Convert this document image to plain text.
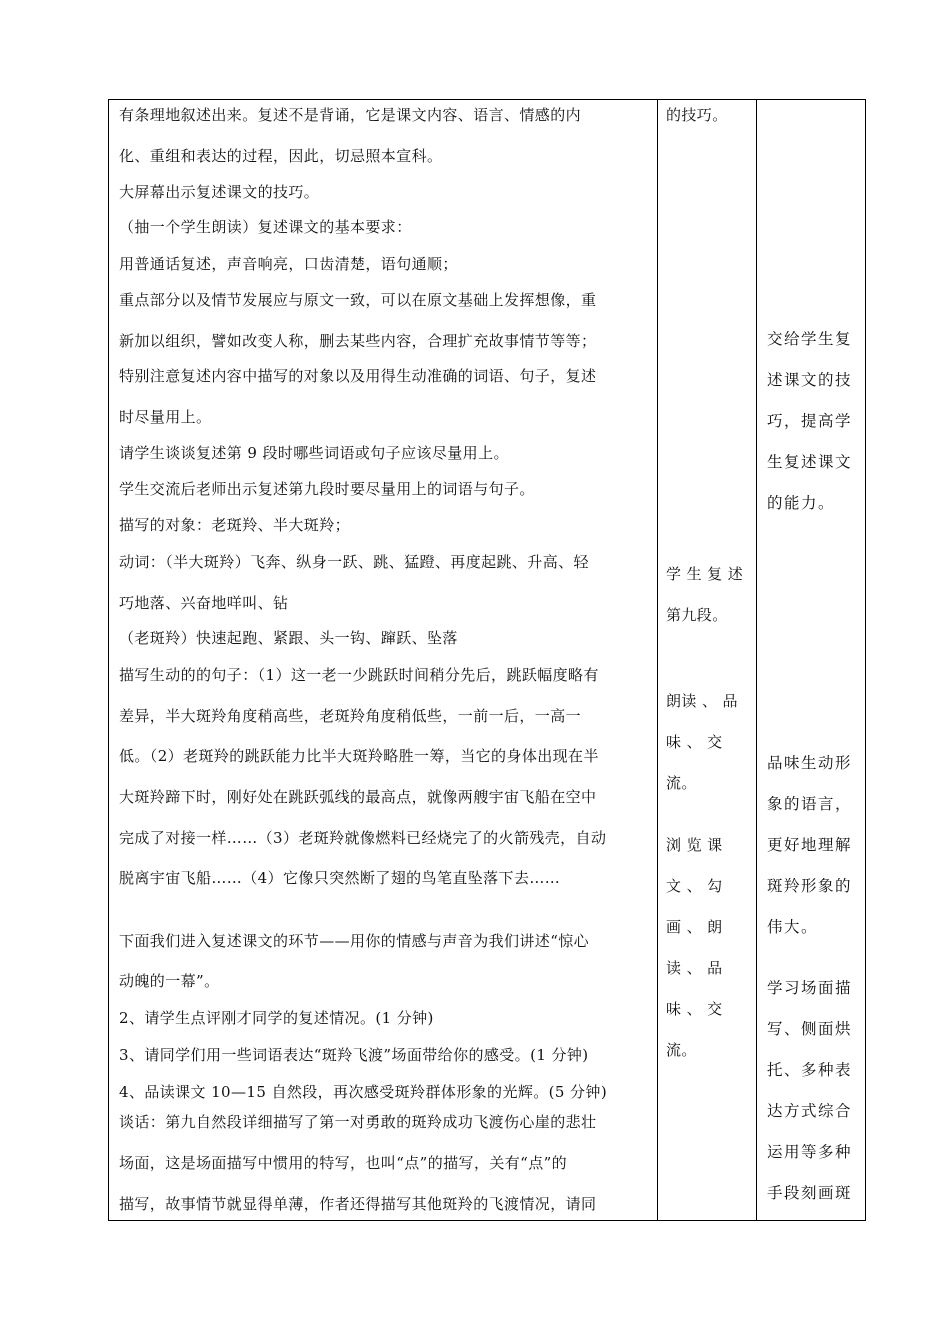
有条理地叙述出来。复述不是背诵，它是课文内容、语言、情感的内
化、重组和表达的过程，因此，切忌照本宣科。
大屏幕出示复述课文的技巧。
（抽一个学生朗读）复述课文的基本要求：
用普通话复述，声音响亮，口齿清楚，语句通顺；
重点部分以及情节发展应与原文一致，可以在原文基础上发挥想像，重
新加以组织，譬如改变人称，删去某些内容，合理扩充故事情节等等；
特别注意复述内容中描写的对象以及用得生动准确的词语、句子，复述
时尽量用上。
请学生谈谈复述第 9 段时哪些词语或句子应该尽量用上。
学生交流后老师出示复述第九段时要尽量用上的词语与句子。
描写的对象：老斑羚、半大斑羚；
动词：（半大斑羚）飞奔、纵身一跃、跳、猛蹬、再度起跳、升高、轻
巧地落、兴奋地咩叫、钻
（老斑羚）快速起跑、紧跟、头一钩、蹿跃、坠落
描写生动的的句子：（1）这一老一少跳跃时间稍分先后，跳跃幅度略有
差异，半大斑羚角度稍高些，老斑羚角度稍低些，一前一后，一高一
低。（2）老斑羚的跳跃能力比半大斑羚略胜一筹，当它的身体出现在半
大斑羚蹄下时，刚好处在跳跃弧线的最高点，就像两艘宇宙飞船在空中
完成了对接一样……（3）老斑羚就像燃料已经烧完了的火箭残壳，自动
脱离宇宙飞船……（4）它像只突然断了翅的鸟笔直坠落下去……
下面我们进入复述课文的环节——用你的情感与声音为我们讲述“惊心
动魄的一幕”。
2、请学生点评刚才同学的复述情况。(1 分钟)
3、请同学们用一些词语表达“斑羚飞渡”场面带给你的感受。(1 分钟)
4、品读课文 10—15 自然段，再次感受斑羚群体形象的光辉。(5 分钟)
谈话：第九自然段详细描写了第一对勇敢的斑羚成功飞渡伤心崖的悲壮
场面，这是场面描写中惯用的特写，也叫“点”的描写，关有“点”的
描写，故事情节就显得单薄，作者还得描写其他斑羚的飞渡情况，请同
的技巧。
学 生 复 述
第九段。
朗读 、 品
味 、 交
流。
浏 览 课
文 、 勾
画 、 朗
读 、 品
味 、 交
流。
交给学生复
述课文的技
巧，提高学
生复述课文
的能力。
品味生动形
象的语言，
更好地理解
斑羚形象的
伟大。
学习场面描
写、侧面烘
托、多种表
达方式综合
运用等多种
手段刻画斑
